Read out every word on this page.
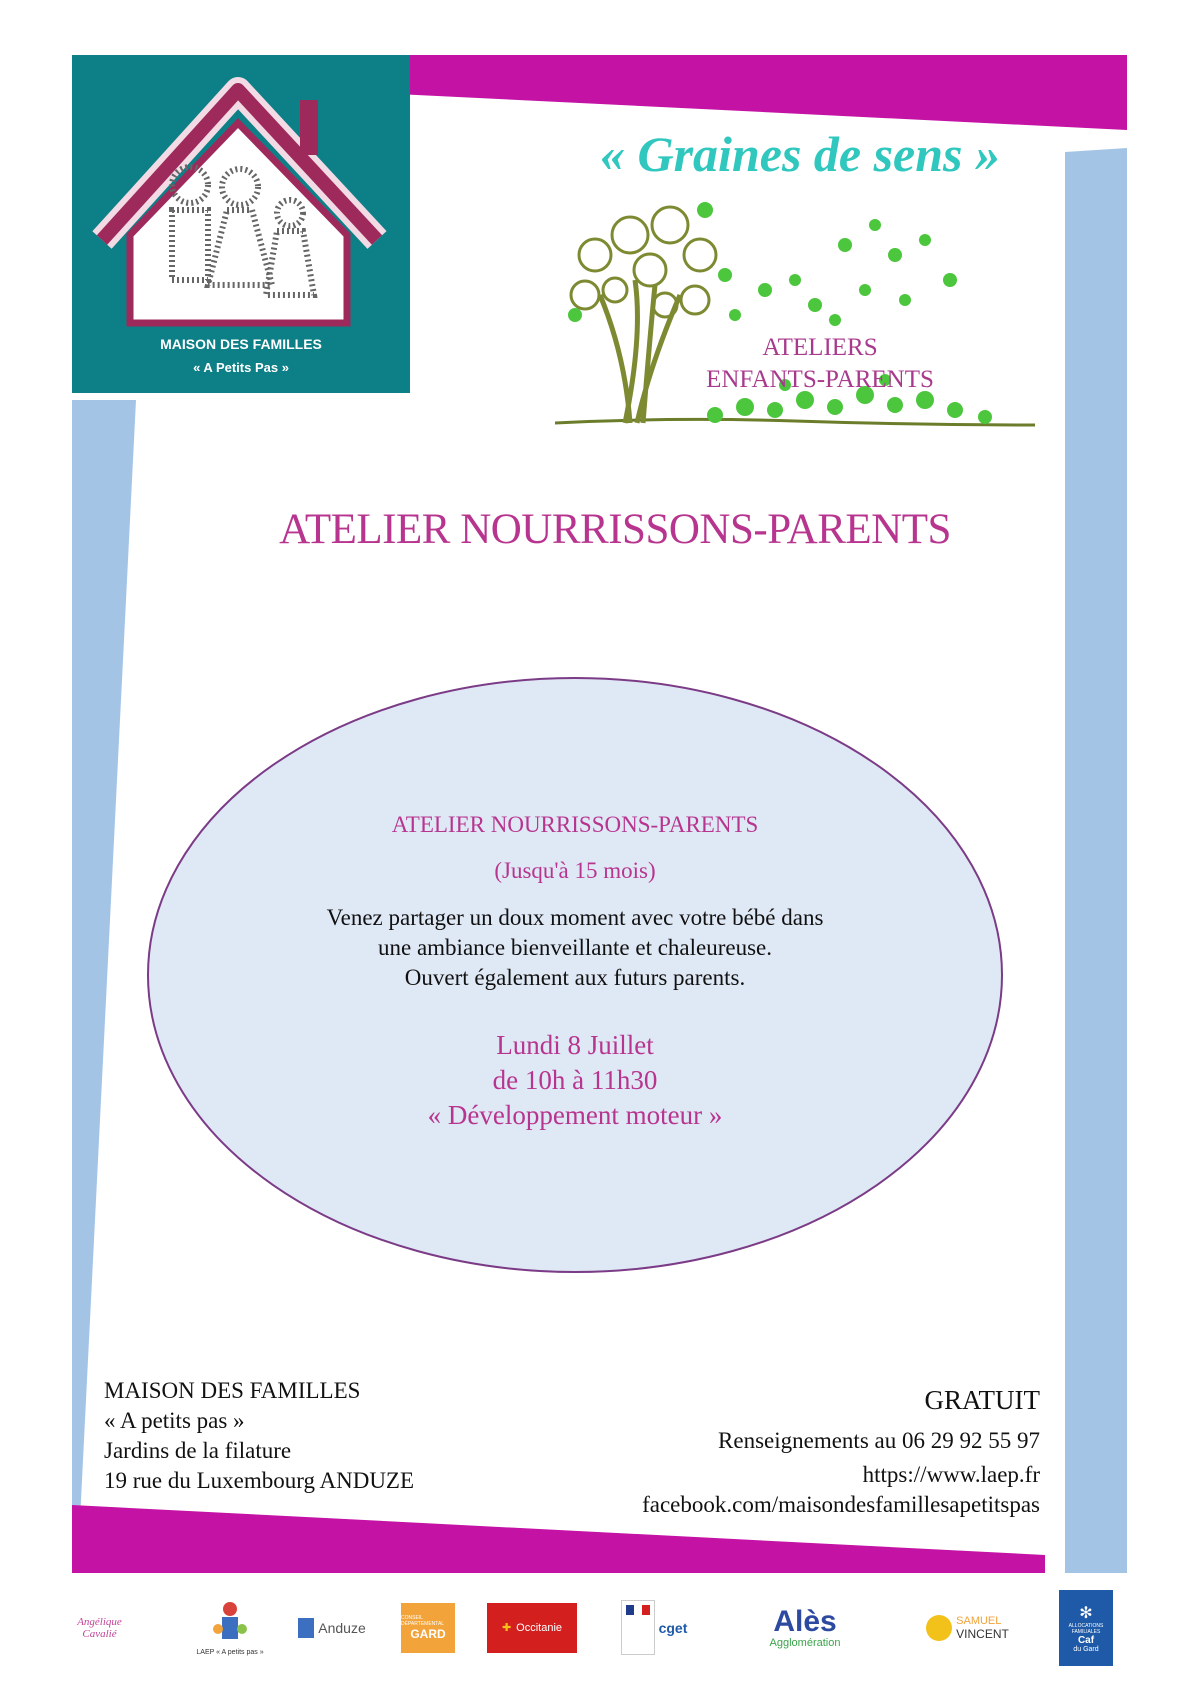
MAISON DES FAMILLES
« A Petits Pas »
« Graines de sens »
ATELIERS
ENFANTS-PARENTS
ATELIER NOURRISSONS-PARENTS
ATELIER NOURRISSONS-PARENTS
(Jusqu'à 15 mois)
Venez partager un doux moment avec votre bébé dans
une ambiance bienveillante et chaleureuse.
Ouvert également aux futurs parents.
Lundi 8 Juillet
de 10h à 11h30
« Développement moteur »
MAISON DES FAMILLES
« A petits pas »
Jardins de la filature
19 rue du Luxembourg ANDUZE
GRATUIT
Renseignements au 06 29 92 55 97
https://www.laep.fr
facebook.com/maisondesfamillesapetitspas
Angélique Cavalié
LAEP « A petits pas »
Anduze
CONSEIL DÉPARTEMENTAL
GARD	✚ Occitanie	cget	Alès
Agglomération
SAMUEL
VINCENT
✻
ALLOCATIONS FAMILIALES
Caf
du Gard
